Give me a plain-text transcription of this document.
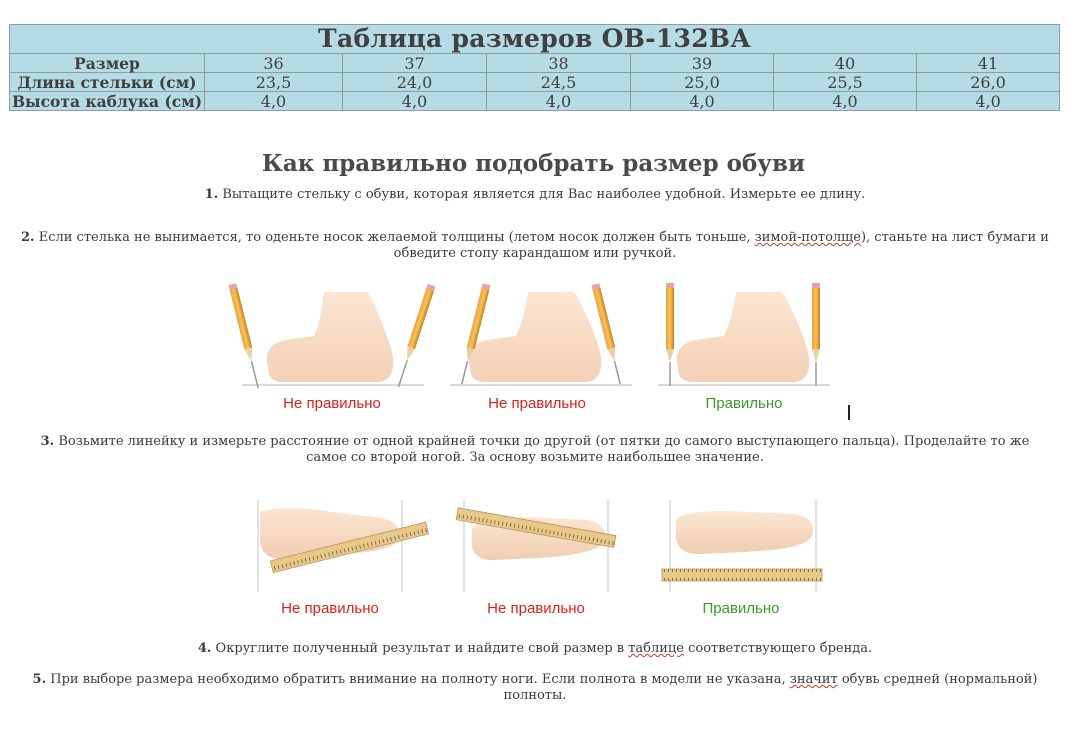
Таблица размеров ОВ-132ВА						
Размер	36	37	38	39	40	41
Длина стельки (см)	23,5	24,0	24,5	25,0	25,5	26,0
Высота каблука (см)	4,0	4,0	4,0	4,0	4,0	4,0
Как правильно подобрать размер обуви

1. Вытащите стельку с обуви, которая является для Вас наиболее удобной. Измерьте ее длину.

2. Если стелька не вынимается, то оденьте носок желаемой толщины (летом носок должен быть тоньше, зимой-потолще), станьте на лист бумаги и обведите стопу карандашом или ручкой.

Не правильно	Не правильно	Правильно

3. Возьмите линейку и измерьте расстояние от одной крайней точки до другой (от пятки до самого выступающего пальца). Проделайте то же самое со второй ногой. За основу возьмите наибольшее значение.

Не правильно	Не правильно	Правильно

4. Округлите полученный результат и найдите свой размер в таблице соответствующего бренда.

5. При выборе размера необходимо обратить внимание на полноту ноги. Если полнота в модели не указана, значит обувь средней (нормальной) полноты.
